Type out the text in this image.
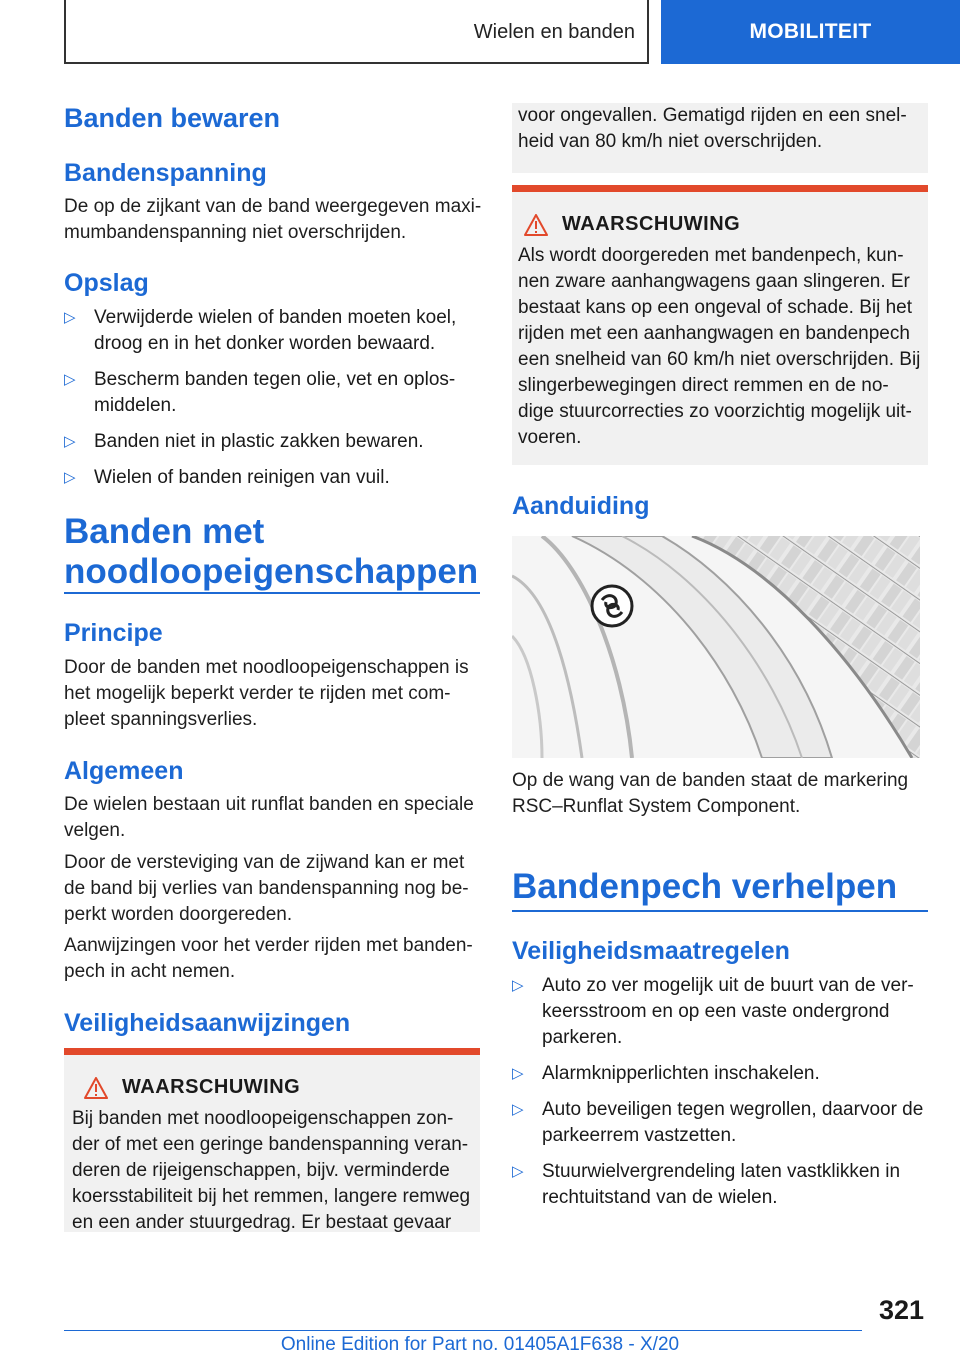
Wielen en banden	MOBILITEIT
Banden bewaren
Bandenspanning
De op de zijkant van de band weergegeven maxi-
mumbandenspanning niet overschrijden.
Opslag
▷ Verwijderde wielen of banden moeten koel,
droog en in het donker worden bewaard.
▷ Bescherm banden tegen olie, vet en oplos-
middelen.
▷ Banden niet in plastic zakken bewaren.
▷ Wielen of banden reinigen van vuil.
Banden met
noodloopeigenschappen
Principe
Door de banden met noodloopeigenschappen is
het mogelijk beperkt verder te rijden met com-
pleet spanningsverlies.
Algemeen
De wielen bestaan uit runflat banden en speciale
velgen.
Door de versteviging van de zijwand kan er met
de band bij verlies van bandenspanning nog be-
perkt worden doorgereden.
Aanwijzingen voor het verder rijden met banden-
pech in acht nemen.
Veiligheidsaanwijzingen
WAARSCHUWING
Bij banden met noodloopeigenschappen zon-
der of met een geringe bandenspanning veran-
deren de rijeigenschappen, bijv. verminderde
koersstabiliteit bij het remmen, langere remweg
en een ander stuurgedrag. Er bestaat gevaar
voor ongevallen. Gematigd rijden en een snel-
heid van 80 km/h niet overschrijden.
WAARSCHUWING
Als wordt doorgereden met bandenpech, kun-
nen zware aanhangwagens gaan slingeren. Er
bestaat kans op een ongeval of schade. Bij het
rijden met een aanhangwagen en bandenpech
een snelheid van 60 km/h niet overschrijden. Bij
slingerbewegingen direct remmen en de no-
dige stuurcorrecties zo voorzichtig mogelijk uit-
voeren.
Aanduiding
Op de wang van de banden staat de markering
RSC–Runflat System Component.
Bandenpech verhelpen
Veiligheidsmaatregelen
▷ Auto zo ver mogelijk uit de buurt van de ver-
keersstroom en op een vaste ondergrond
parkeren.
▷ Alarmknipperlichten inschakelen.
▷ Auto beveiligen tegen wegrollen, daarvoor de
parkeerrem vastzetten.
▷ Stuurwielvergrendeling laten vastklikken in
rechtuitstand van de wielen.
321
Online Edition for Part no. 01405A1F638 - X/20
